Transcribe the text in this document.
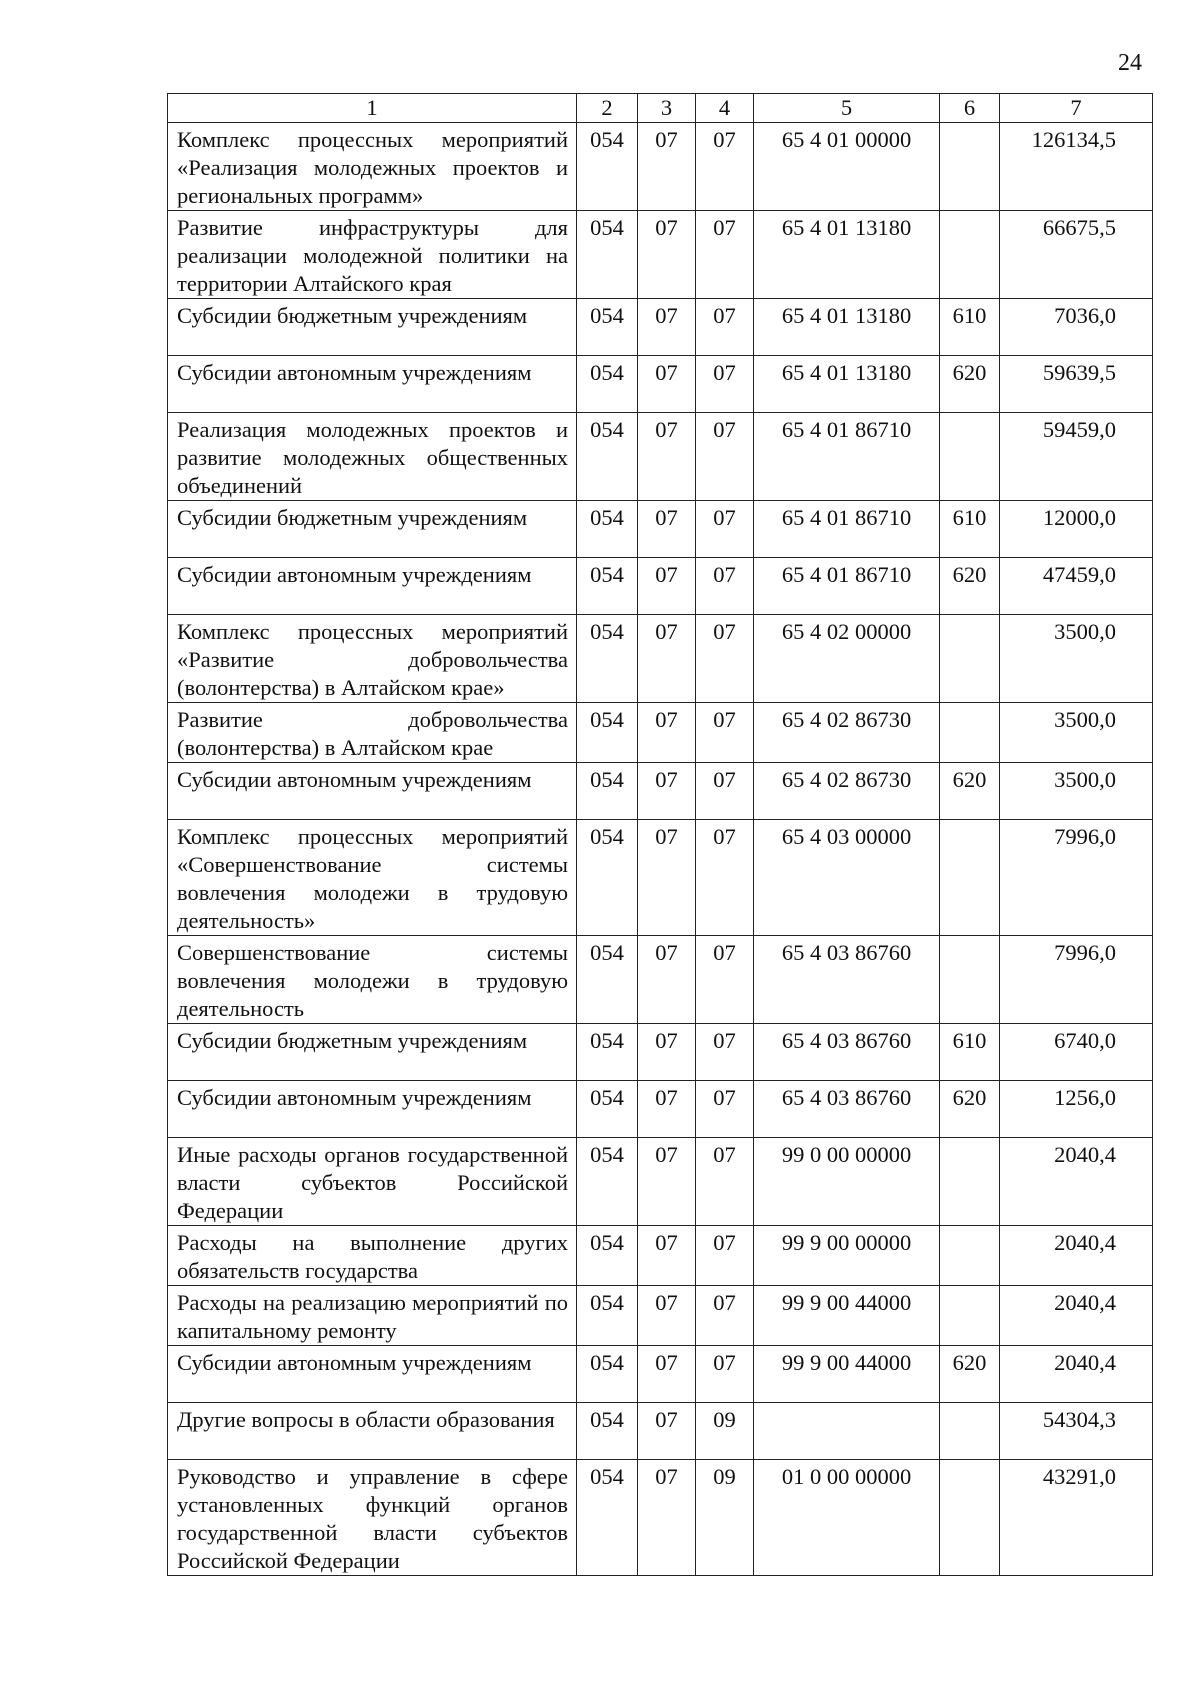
24
1	2	3	4	5	6	7
Комплекс процессных мероприятий «Реализация молодежных проектов и региональных программ»	054	07	07	65 4 01 00000		126134,5
Развитие инфраструктуры для реализации молодежной политики на территории Алтайского края	054	07	07	65 4 01 13180		66675,5
Субсидии бюджетным учреждениям	054	07	07	65 4 01 13180	610	7036,0
Субсидии автономным учреждениям	054	07	07	65 4 01 13180	620	59639,5
Реализация молодежных проектов и развитие молодежных общественных объединений	054	07	07	65 4 01 86710		59459,0
Субсидии бюджетным учреждениям	054	07	07	65 4 01 86710	610	12000,0
Субсидии автономным учреждениям	054	07	07	65 4 01 86710	620	47459,0
Комплекс процессных мероприятий «Развитие добровольчества (волонтерства) в Алтайском крае»	054	07	07	65 4 02 00000		3500,0
Развитие добровольчества (волонтерства) в Алтайском крае	054	07	07	65 4 02 86730		3500,0
Субсидии автономным учреждениям	054	07	07	65 4 02 86730	620	3500,0
Комплекс процессных мероприятий «Совершенствование системы вовлечения молодежи в трудовую деятельность»	054	07	07	65 4 03 00000		7996,0
Совершенствование системы вовлечения молодежи в трудовую деятельность	054	07	07	65 4 03 86760		7996,0
Субсидии бюджетным учреждениям	054	07	07	65 4 03 86760	610	6740,0
Субсидии автономным учреждениям	054	07	07	65 4 03 86760	620	1256,0
Иные расходы органов государственной власти субъектов Российской Федерации	054	07	07	99 0 00 00000		2040,4
Расходы на выполнение других обязательств государства	054	07	07	99 9 00 00000		2040,4
Расходы на реализацию мероприятий по капитальному ремонту	054	07	07	99 9 00 44000		2040,4
Субсидии автономным учреждениям	054	07	07	99 9 00 44000	620	2040,4
Другие вопросы в области образования	054	07	09			54304,3
Руководство и управление в сфере установленных функций органов государственной власти субъектов Российской Федерации	054	07	09	01 0 00 00000		43291,0
